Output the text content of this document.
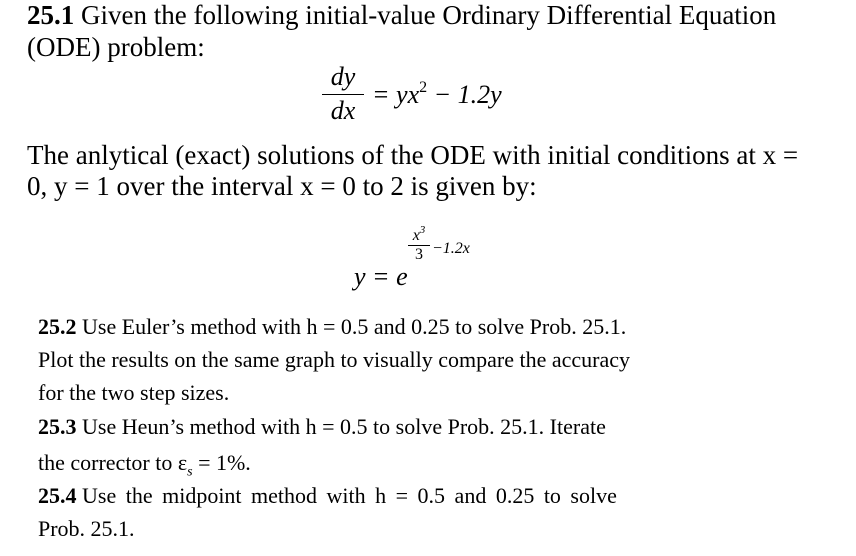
25.1 Given the following initial-value Ordinary Differential Equation
(ODE) problem:
dy
dx
= $yx^2 - 1.2y$
The anlytical (exact) solutions of the ODE with initial conditions at x =
0, y = 1 over the interval x = 0 to 2 is given by:
y = e
$x^3$
3 −1.2x
25.2 Use Euler’s method with h = 0.5 and 0.25 to solve Prob. 25.1.
Plot the results on the same graph to visually compare the accuracy
for the two step sizes.
25.3 Use Heun’s method with h = 0.5 to solve Prob. 25.1. Iterate
the corrector to $\varepsilon_s = 1\%$.
25.4 Use the midpoint method with h = 0.5 and 0.25 to solve
Prob. 25.1.
